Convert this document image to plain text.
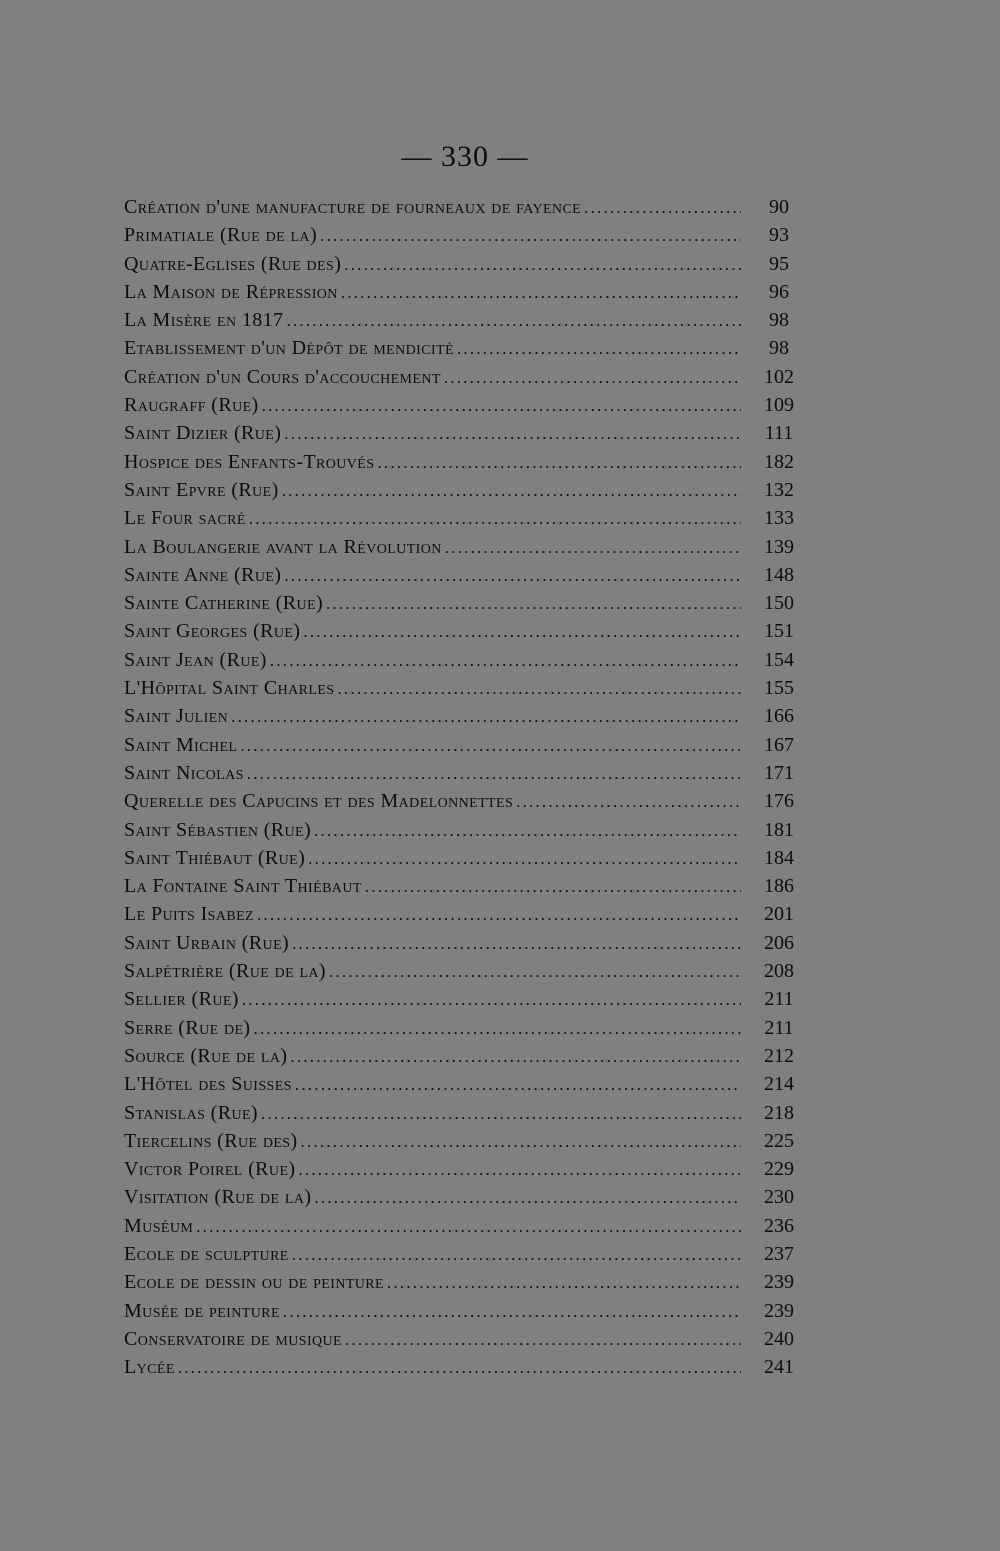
— 330 —
Création d'une manufacture de fourneaux de fayence .....	90
Primatiale (Rue de la) .....	93
Quatre-Eglises (Rue des) .....	95
La Maison de Répression .....	96
La Misère en 1817 .....	98
Etablissement d'un Dépôt de mendicité .....	98
Création d'un Cours d'accouchement .....	102
Raugraff (Rue) .....	109
Saint Dizier (Rue) .....	111
Hospice des Enfants-Trouvés .....	182
Saint Epvre (Rue) .....	132
Le Four sacré .....	133
La Boulangerie avant la Révolution .....	139
Sainte Anne (Rue) .....	148
Sainte Catherine (Rue) .....	150
Saint Georges (Rue) .....	151
Saint Jean (Rue) .....	154
L'Hôpital Saint Charles .....	155
Saint Julien .....	166
Saint Michel .....	167
Saint Nicolas .....	171
Querelle des Capucins et des Madelonnettes .....	176
Saint Sébastien (Rue) .....	181
Saint Thiébaut (Rue) .....	184
La Fontaine Saint Thiébaut .....	186
Le Puits Isabez .....	201
Saint Urbain (Rue) .....	206
Salpétrière (Rue de la) .....	208
Sellier (Rue) .....	211
Serre (Rue de) .....	211
Source (Rue de la) .....	212
L'Hôtel des Suisses .....	214
Stanislas (Rue) .....	218
Tiercelins (Rue des) .....	225
Victor Poirel (Rue) .....	229
Visitation (Rue de la) .....	230
Muséum .....	236
Ecole de sculpture .....	237
Ecole de dessin ou de peinture .....	239
Musée de peinture .....	239
Conservatoire de musique .....	240
Lycée .....	241
